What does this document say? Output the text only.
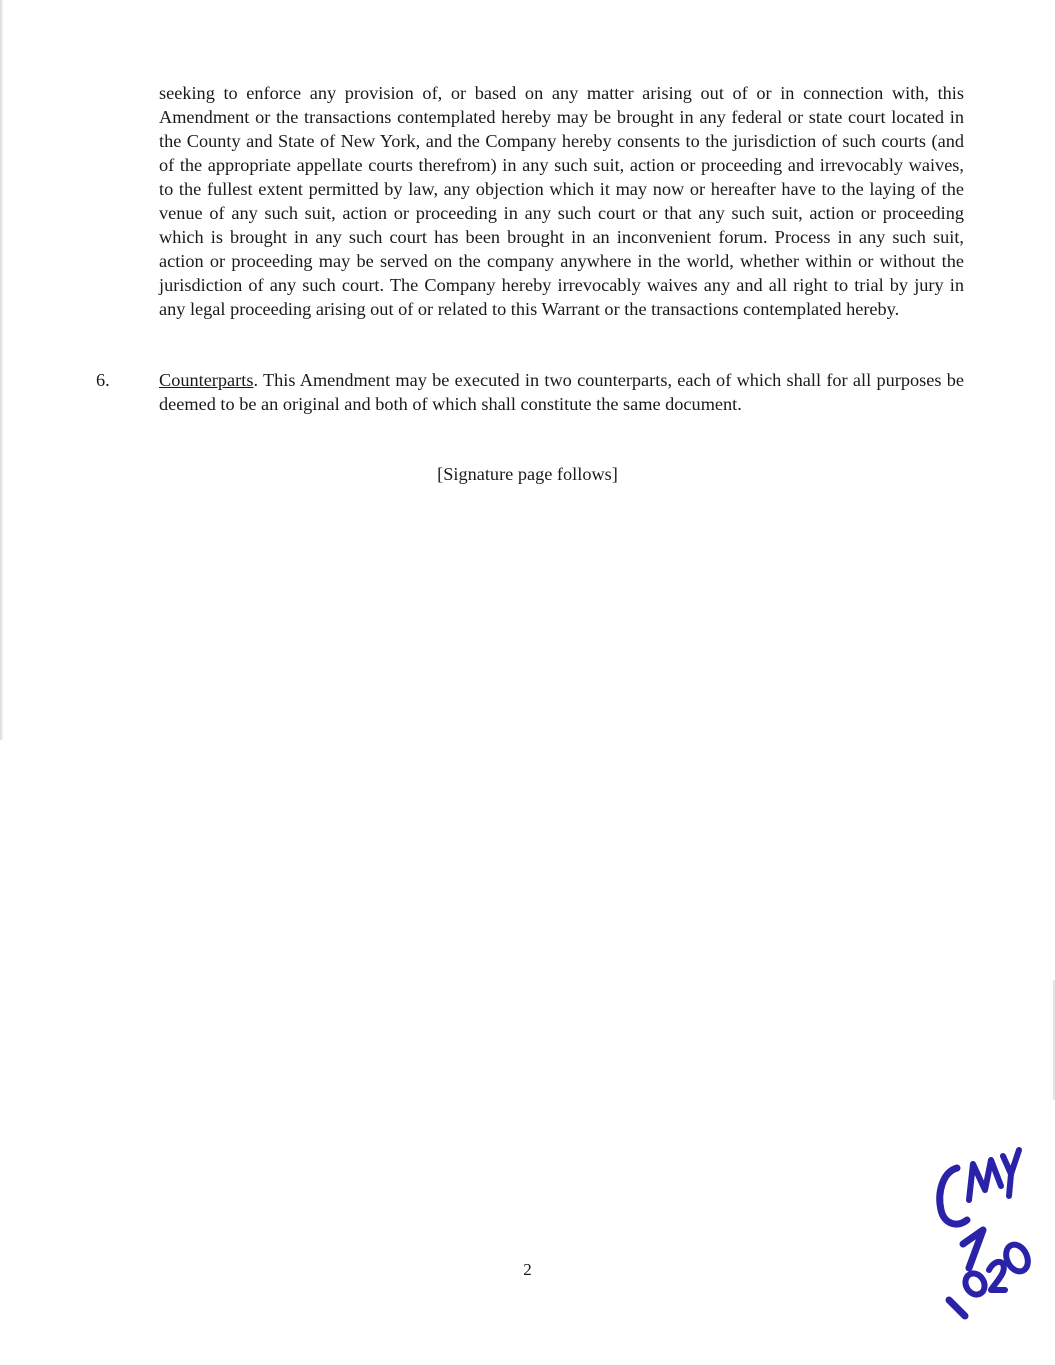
seeking to enforce any provision of, or based on any matter arising out of or in connection with, this Amendment or the transactions contemplated hereby may be brought in any federal or state court located in the County and State of New York, and the Company hereby consents to the jurisdiction of such courts (and of the appropriate appellate courts therefrom) in any such suit, action or proceeding and irrevocably waives, to the fullest extent permitted by law, any objection which it may now or hereafter have to the laying of the venue of any such suit, action or proceeding in any such court or that any such suit, action or proceeding which is brought in any such court has been brought in an inconvenient forum. Process in any such suit, action or proceeding may be served on the company anywhere in the world, whether within or without the jurisdiction of any such court. The Company hereby irrevocably waives any and all right to trial by jury in any legal proceeding arising out of or related to this Warrant or the transactions contemplated hereby.

6.	Counterparts. This Amendment may be executed in two counterparts, each of which shall for all purposes be deemed to be an original and both of which shall constitute the same document.

[Signature page follows]
2
